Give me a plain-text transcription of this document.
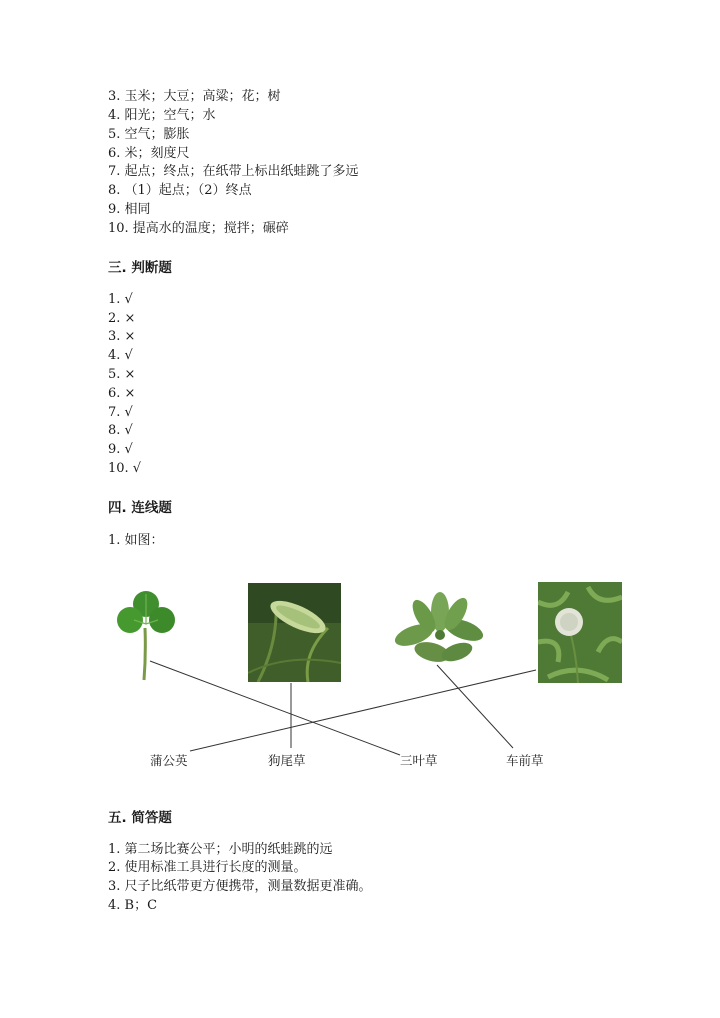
3. 玉米；大豆；高粱；花；树
4. 阳光；空气；水
5. 空气；膨胀
6. 米；刻度尺
7. 起点；终点；在纸带上标出纸蛙跳了多远
8. （1）起点；（2）终点
9. 相同
10. 提高水的温度；搅拌；碾碎
三. 判断题
1. √
2. ×
3. ×
4. √
5. ×
6. ×
7. √
8. √
9. √
10. √
四. 连线题
1. 如图：
蒲公英	狗尾草	三叶草	车前草
五. 简答题
1. 第二场比赛公平；小明的纸蛙跳的远
2. 使用标准工具进行长度的测量。
3. 尺子比纸带更方便携带，测量数据更准确。
4. B；C
